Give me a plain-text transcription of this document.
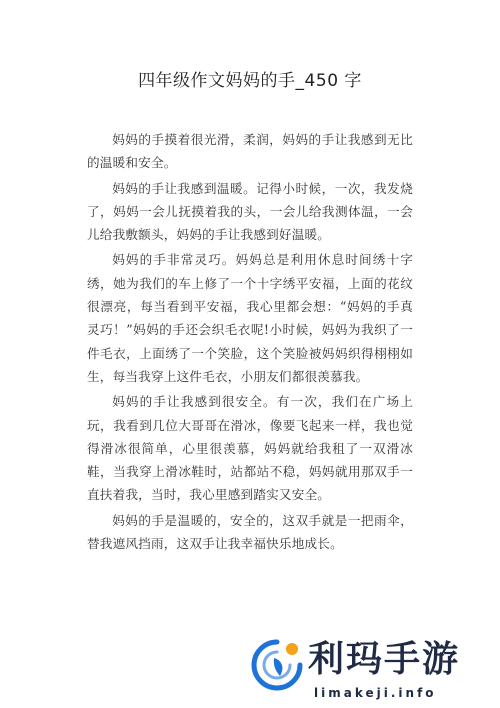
四年级作文妈妈的手_450 字

妈妈的手摸着很光滑，柔润，妈妈的手让我感到无比的温暖和安全。

妈妈的手让我感到温暖。记得小时候，一次，我发烧了，妈妈一会儿抚摸着我的头，一会儿给我测体温，一会儿给我敷额头，妈妈的手让我感到好温暖。

妈妈的手非常灵巧。妈妈总是利用休息时间绣十字绣，她为我们的车上修了一个十字绣平安福，上面的花纹很漂亮，每当看到平安福，我心里都会想：“妈妈的手真灵巧！”妈妈的手还会织毛衣呢!小时候，妈妈为我织了一件毛衣，上面绣了一个笑脸，这个笑脸被妈妈织得栩栩如生，每当我穿上这件毛衣，小朋友们都很羡慕我。

妈妈的手让我感到很安全。有一次，我们在广场上玩，我看到几位大哥哥在滑冰，像要飞起来一样，我也觉得滑冰很简单，心里很羡慕，妈妈就给我租了一双滑冰鞋，当我穿上滑冰鞋时，站都站不稳，妈妈就用那双手一直扶着我，当时，我心里感到踏实又安全。

妈妈的手是温暖的，安全的，这双手就是一把雨伞，替我遮风挡雨，这双手让我幸福快乐地成长。

利玛手游
limakeji.info
